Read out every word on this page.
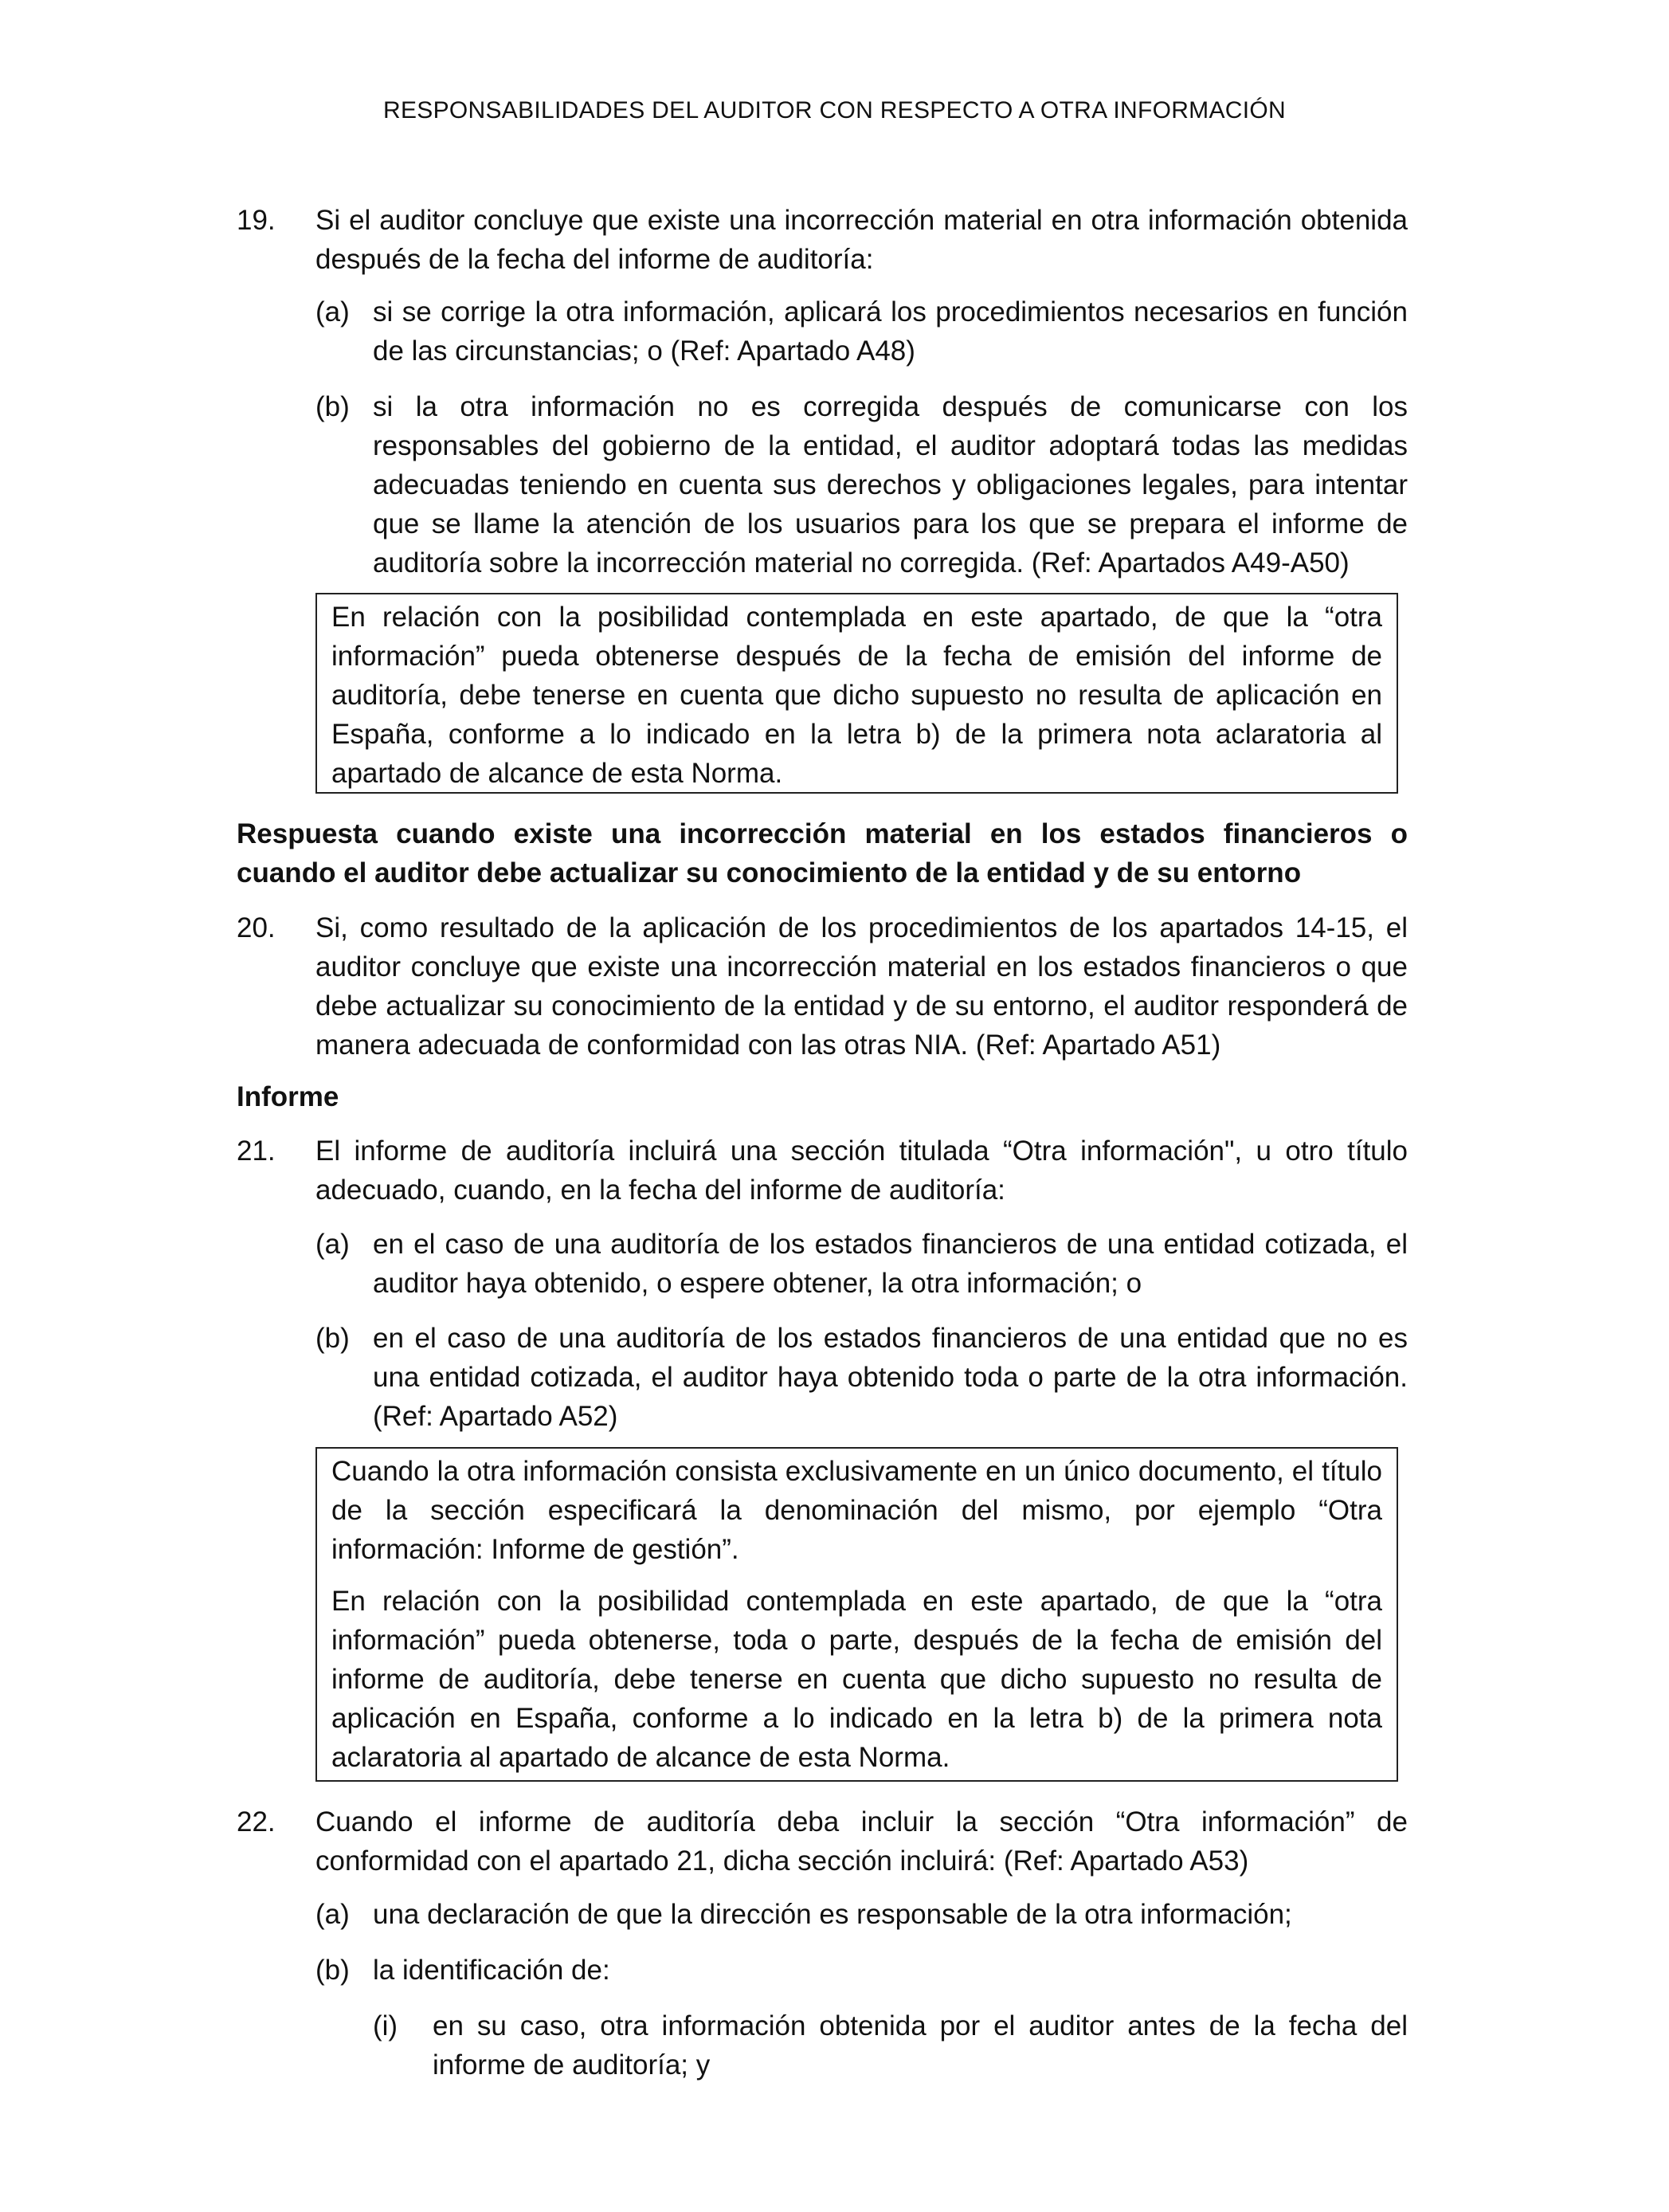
RESPONSABILIDADES DEL AUDITOR CON RESPECTO A OTRA INFORMACIÓN
19. Si el auditor concluye que existe una incorrección material en otra información obtenida después de la fecha del informe de auditoría:
(a) si se corrige la otra información, aplicará los procedimientos necesarios en función de las circunstancias; o (Ref: Apartado A48)
(b) si la otra información no es corregida después de comunicarse con los responsables del gobierno de la entidad, el auditor adoptará todas las medidas adecuadas teniendo en cuenta sus derechos y obligaciones legales, para intentar que se llame la atención de los usuarios para los que se prepara el informe de auditoría sobre la incorrección material no corregida. (Ref: Apartados A49-A50)

En relación con la posibilidad contemplada en este apartado, de que la “otra información” pueda obtenerse después de la fecha de emisión del informe de auditoría, debe tenerse en cuenta que dicho supuesto no resulta de aplicación en España, conforme a lo indicado en la letra b) de la primera nota aclaratoria al apartado de alcance de esta Norma.

Respuesta cuando existe una incorrección material en los estados financieros o cuando el auditor debe actualizar su conocimiento de la entidad y de su entorno
20. Si, como resultado de la aplicación de los procedimientos de los apartados 14-15, el auditor concluye que existe una incorrección material en los estados financieros o que debe actualizar su conocimiento de la entidad y de su entorno, el auditor responderá de manera adecuada de conformidad con las otras NIA. (Ref: Apartado A51)
Informe
21. El informe de auditoría incluirá una sección titulada “Otra información", u otro título adecuado, cuando, en la fecha del informe de auditoría:
(a) en el caso de una auditoría de los estados financieros de una entidad cotizada, el auditor haya obtenido, o espere obtener, la otra información; o
(b) en el caso de una auditoría de los estados financieros de una entidad que no es una entidad cotizada, el auditor haya obtenido toda o parte de la otra información. (Ref: Apartado A52)

Cuando la otra información consista exclusivamente en un único documento, el título de la sección especificará la denominación del mismo, por ejemplo “Otra información: Informe de gestión”.

En relación con la posibilidad contemplada en este apartado, de que la “otra información” pueda obtenerse, toda o parte, después de la fecha de emisión del informe de auditoría, debe tenerse en cuenta que dicho supuesto no resulta de aplicación en España, conforme a lo indicado en la letra b) de la primera nota aclaratoria al apartado de alcance de esta Norma.

22. Cuando el informe de auditoría deba incluir la sección “Otra información” de conformidad con el apartado 21, dicha sección incluirá: (Ref: Apartado A53)
(a) una declaración de que la dirección es responsable de la otra información;
(b) la identificación de:
(i) en su caso, otra información obtenida por el auditor antes de la fecha del informe de auditoría; y
